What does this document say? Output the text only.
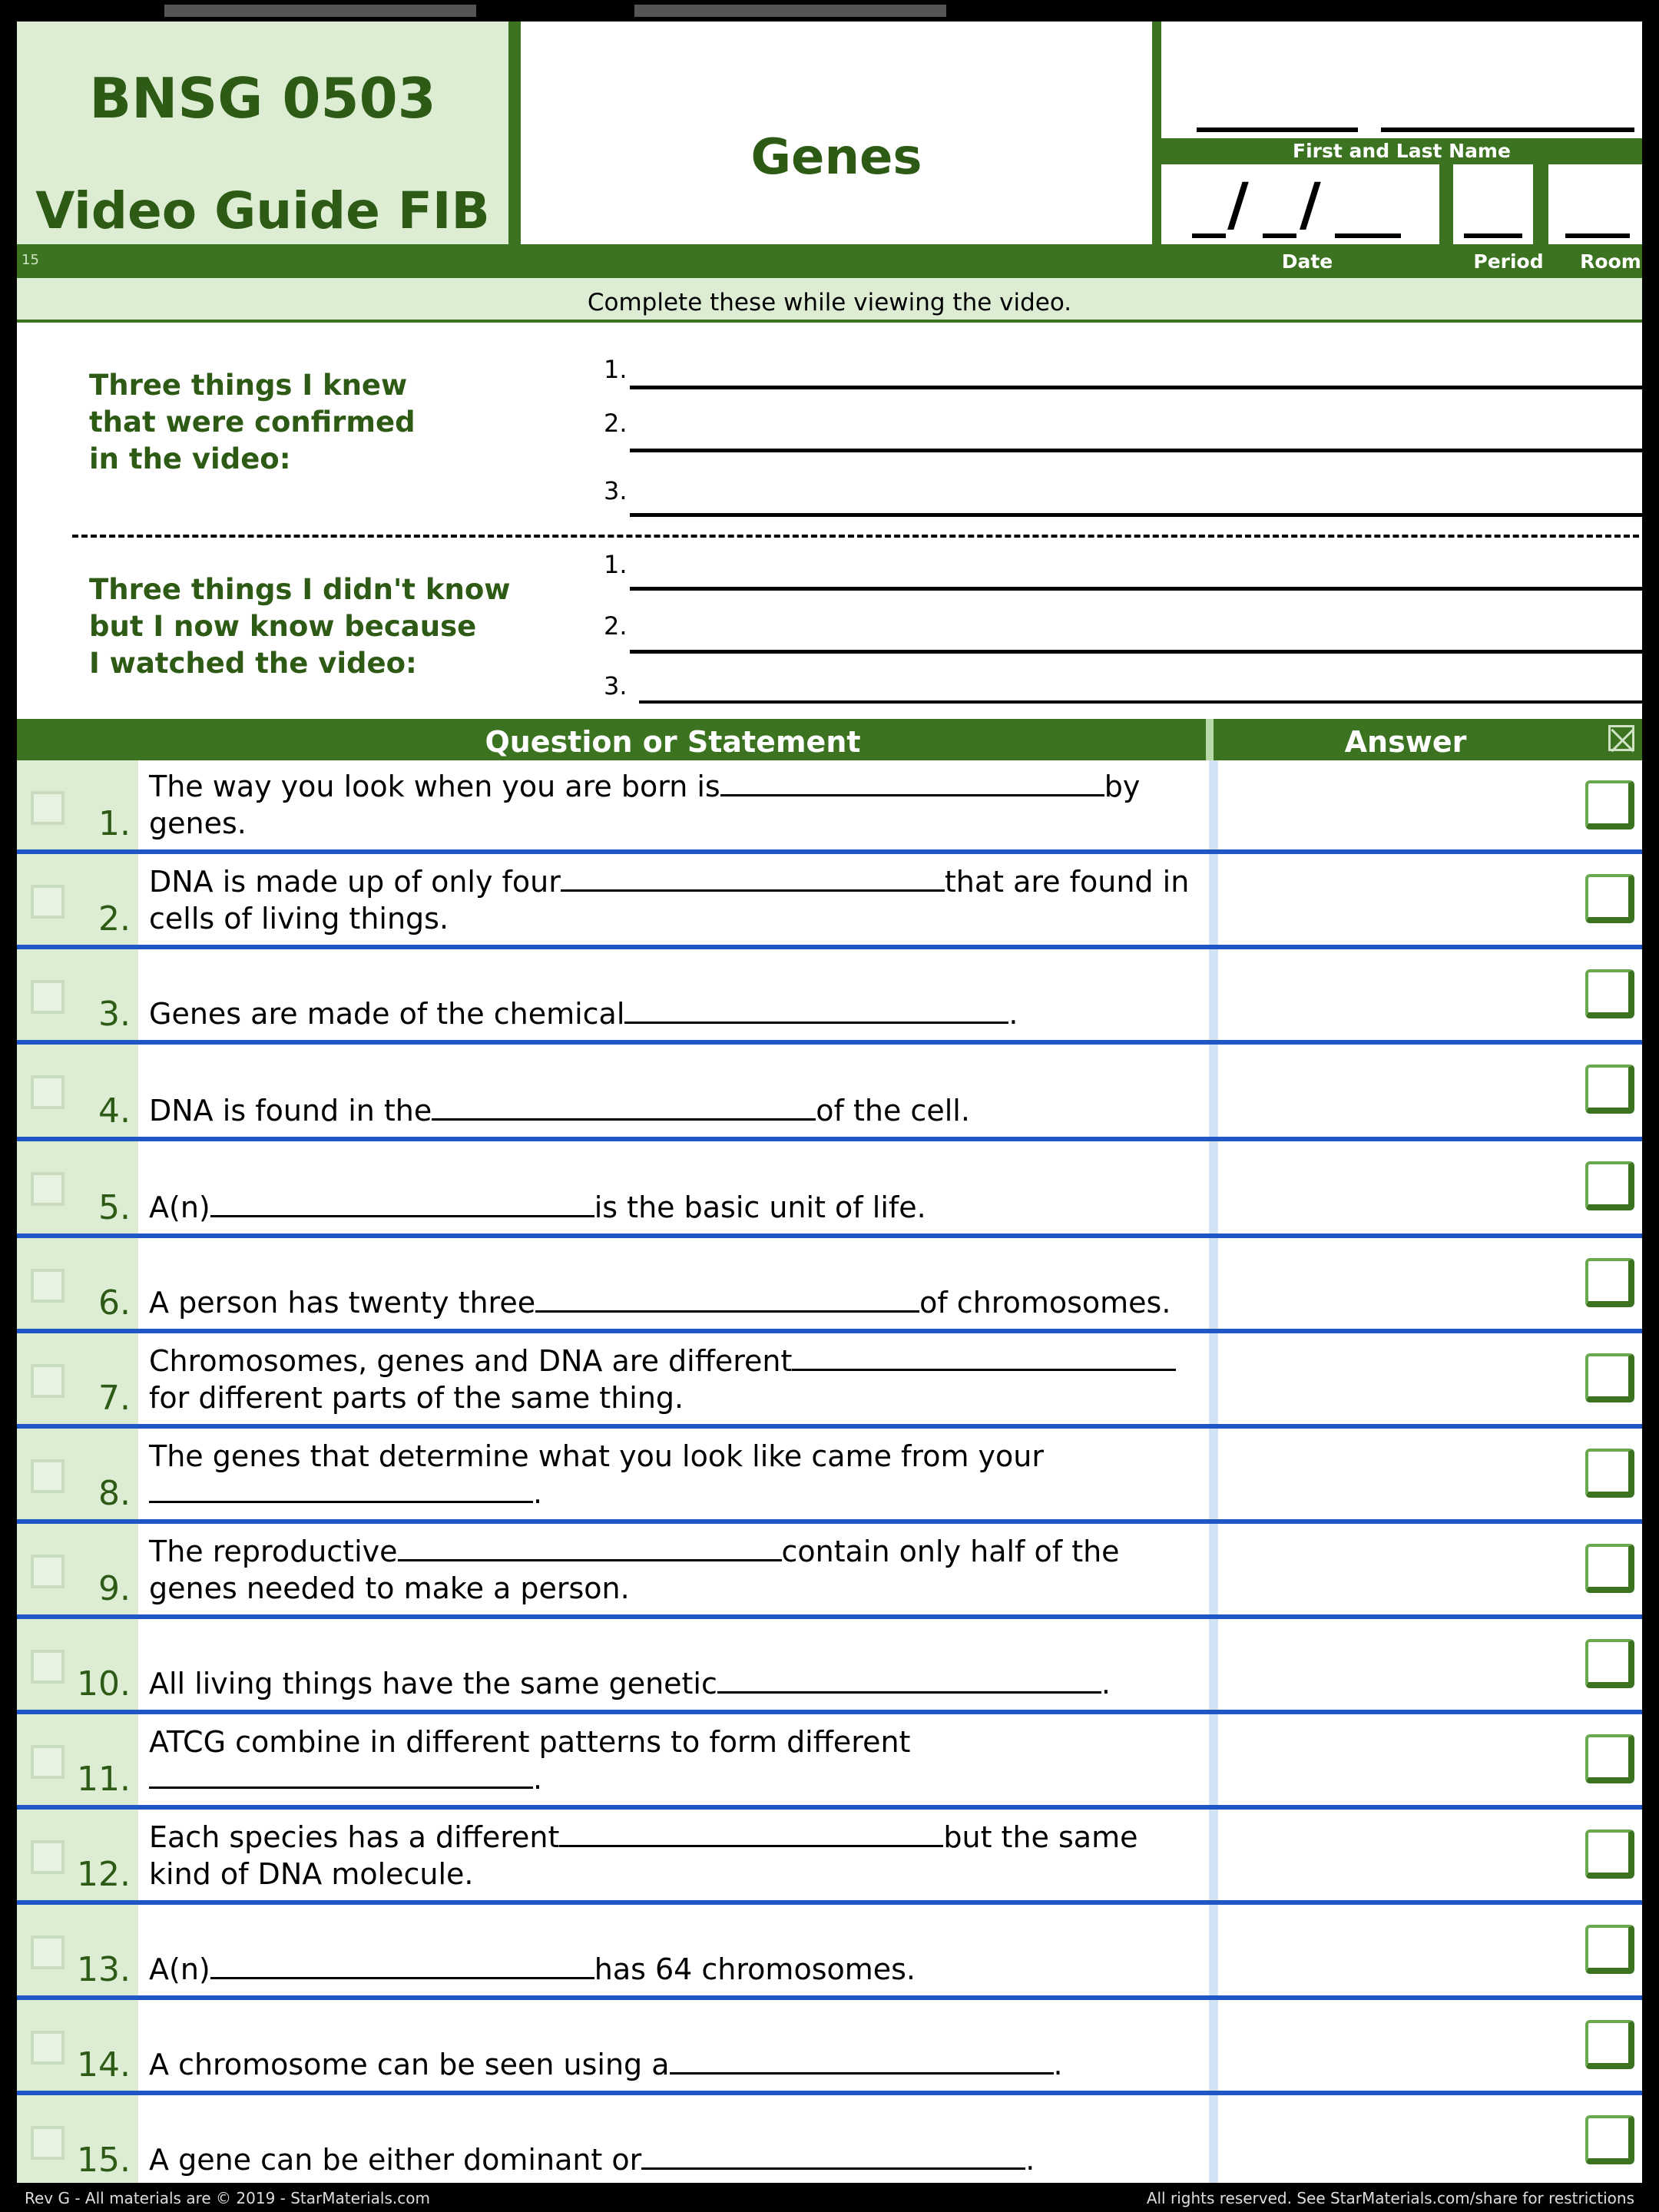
BNSG 0503
Video Guide FIB
Genes	First and Last Name
/ /
15	Date	Period	Room
Complete these while viewing the video.
Three things I knew
that were confirmed
in the video:
1.
2.
3.
Three things I didn't know
but I now know because
I watched the video:
1.
2.
3.
Question or Statement	Answer
1.
The way you look when you are born is	by genes.
2.
DNA is made up of only four	that are found in cells of living things.
3. Genes are made of the chemical	.
4. DNA is found in the	of the cell.
5. A(n)	is the basic unit of life.
6. A person has twenty three	of chromosomes.
7.
Chromosomes, genes and DNA are differentfor different parts of the same thing.
8.
The genes that determine what you look like came from your.
9.
The reproductive	contain only half of the genes needed to make a person.
10. All living things have the same genetic	.
11.
ATCG combine in different patterns to form different.
12.
Each species has a different	but the same kind of DNA molecule.
13. A(n)	has 64 chromosomes.
14. A chromosome can be seen using a	.
15. A gene can be either dominant or	.
Rev G - All materials are © 2019 - StarMaterials.com	All rights reserved. See StarMaterials.com/share for restrictions
